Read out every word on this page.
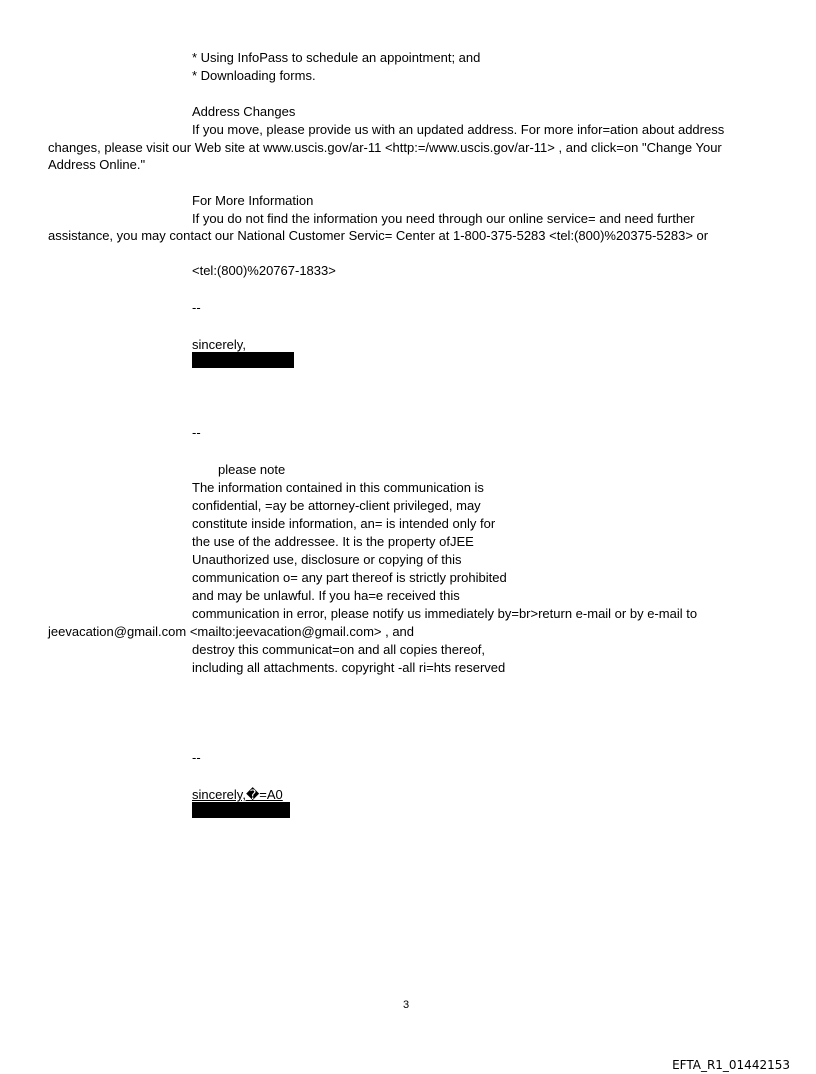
* Using InfoPass to schedule an appointment; and
* Downloading forms.
Address Changes
If you move, please provide us with an updated address. For more infor=ation about address
changes, please visit our Web site at www.uscis.gov/ar-11 <http:=/www.uscis.gov/ar-11> , and click=on "Change Your
Address Online."
For More Information
If you do not find the information you need through our online service= and need further
assistance, you may contact our National Customer Servic= Center at 1-800-375-5283 <tel:(800)%20375-5283> or
<tel:(800)%20767-1833>
--
sincerely,
--
please note
The information contained in this communication is
confidential, =ay be attorney-client privileged, may
constitute inside information, an= is intended only for
the use of the addressee. It is the property ofJEE
Unauthorized use, disclosure or copying of this
communication o= any part thereof is strictly prohibited
and may be unlawful. If you ha=e received this
communication in error, please notify us immediately by=br>return e-mail or by e-mail to
jeevacation@gmail.com <mailto:jeevacation@gmail.com> , and
destroy this communicat=on and all copies thereof,
including all attachments. copyright -all ri=hts reserved
--
sincerely,�=A0
3
EFTA_R1_01442153
